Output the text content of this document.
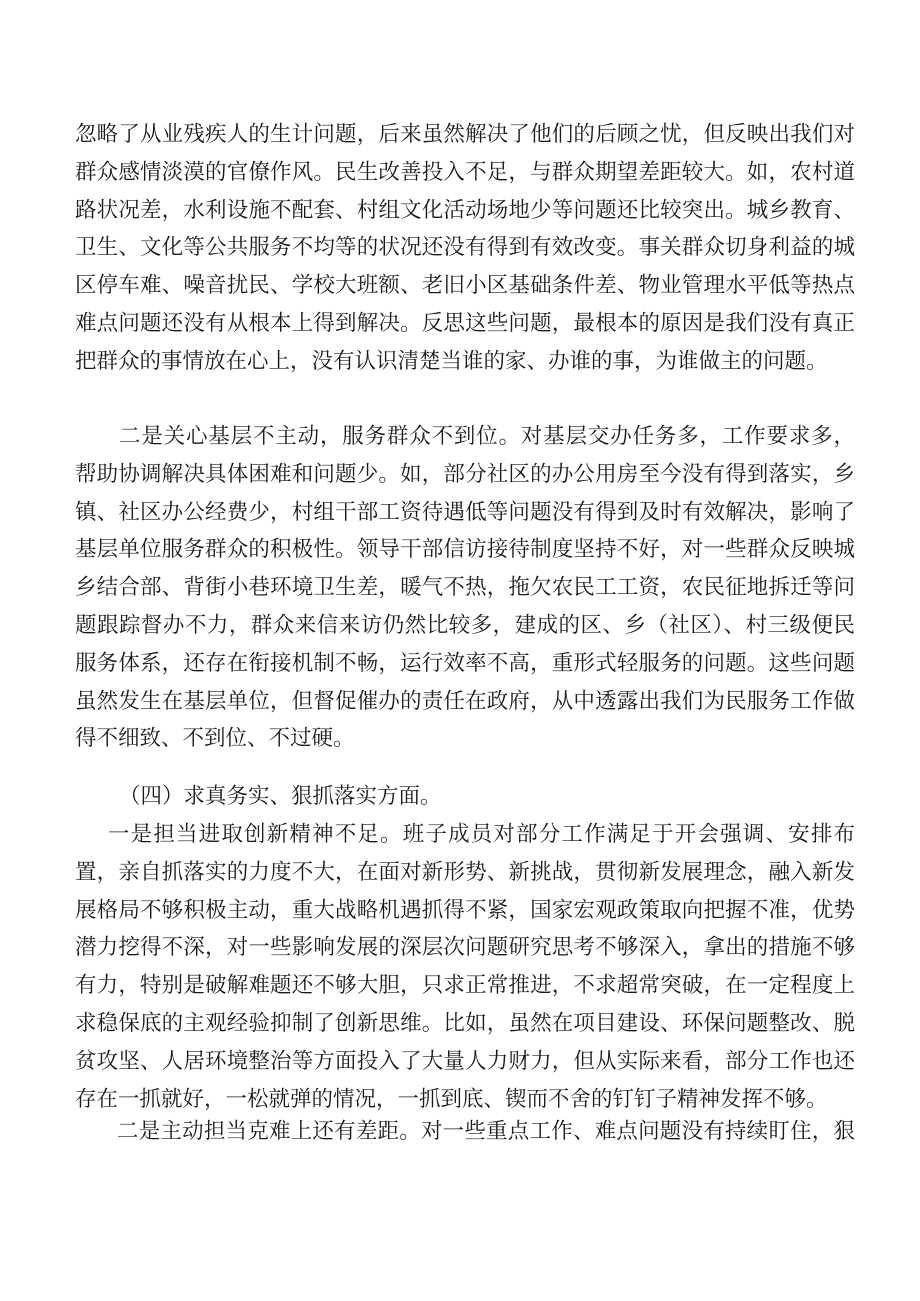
忽略了从业残疾人的生计问题，后来虽然解决了他们的后顾之忧，但反映出我们对
群众感情淡漠的官僚作风。民生改善投入不足，与群众期望差距较大。如，农村道
路状况差，水利设施不配套、村组文化活动场地少等问题还比较突出。城乡教育、
卫生、文化等公共服务不均等的状况还没有得到有效改变。事关群众切身利益的城
区停车难、噪音扰民、学校大班额、老旧小区基础条件差、物业管理水平低等热点
难点问题还没有从根本上得到解决。反思这些问题，最根本的原因是我们没有真正
把群众的事情放在心上，没有认识清楚当谁的家、办谁的事，为谁做主的问题。
二是关心基层不主动，服务群众不到位。对基层交办任务多，工作要求多，
帮助协调解决具体困难和问题少。如，部分社区的办公用房至今没有得到落实，乡
镇、社区办公经费少，村组干部工资待遇低等问题没有得到及时有效解决，影响了
基层单位服务群众的积极性。领导干部信访接待制度坚持不好，对一些群众反映城
乡结合部、背街小巷环境卫生差，暖气不热，拖欠农民工工资，农民征地拆迁等问
题跟踪督办不力，群众来信来访仍然比较多，建成的区、乡（社区）、村三级便民
服务体系，还存在衔接机制不畅，运行效率不高，重形式轻服务的问题。这些问题
虽然发生在基层单位，但督促催办的责任在政府，从中透露出我们为民服务工作做
得不细致、不到位、不过硬。
（四）求真务实、狠抓落实方面。
一是担当进取创新精神不足。班子成员对部分工作满足于开会强调、安排布
置，亲自抓落实的力度不大，在面对新形势、新挑战，贯彻新发展理念，融入新发
展格局不够积极主动，重大战略机遇抓得不紧，国家宏观政策取向把握不准，优势
潜力挖得不深，对一些影响发展的深层次问题研究思考不够深入，拿出的措施不够
有力，特别是破解难题还不够大胆，只求正常推进，不求超常突破，在一定程度上
求稳保底的主观经验抑制了创新思维。比如，虽然在项目建设、环保问题整改、脱
贫攻坚、人居环境整治等方面投入了大量人力财力，但从实际来看，部分工作也还
存在一抓就好，一松就弹的情况，一抓到底、锲而不舍的钉钉子精神发挥不够。
二是主动担当克难上还有差距。对一些重点工作、难点问题没有持续盯住，狠
